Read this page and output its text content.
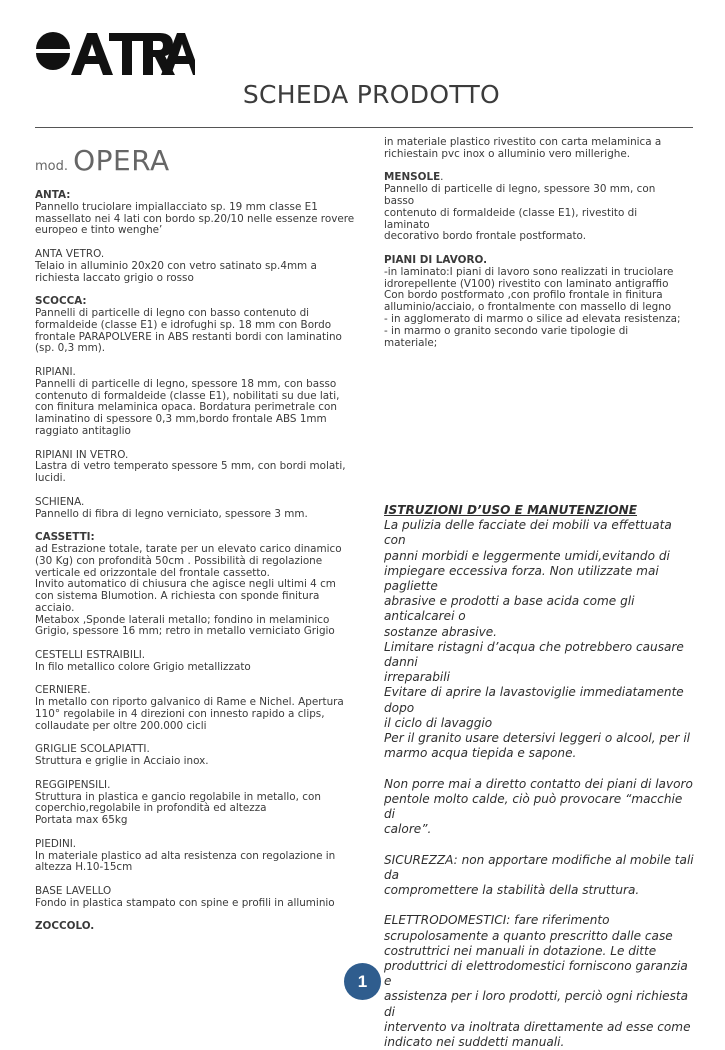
SCHEDA PRODOTTO
mod. OPERA
ANTA:
Pannello truciolare impiallacciato sp. 19 mm classe E1
massellato nei 4 lati con bordo sp.20/10 nelle essenze rovere
europeo e tinto wenghe’
ANTA VETRO.
Telaio in alluminio 20x20 con vetro satinato sp.4mm a
richiesta laccato grigio o rosso
SCOCCA:
Pannelli di particelle di legno con basso contenuto di
formaldeide (classe E1) e idrofughi sp. 18 mm con Bordo
frontale PARAPOLVERE in ABS restanti bordi con laminatino
(sp. 0,3 mm).
RIPIANI.
Pannelli di particelle di legno, spessore 18 mm, con basso
contenuto di formaldeide (classe E1), nobilitati su due lati,
con finitura melaminica opaca. Bordatura perimetrale con
laminatino di spessore 0,3 mm,bordo frontale ABS 1mm
raggiato antitaglio
RIPIANI IN VETRO.
Lastra di vetro temperato spessore 5 mm, con bordi molati,
lucidi.
SCHIENA.
Pannello di fibra di legno verniciato, spessore 3 mm.
CASSETTI:
ad Estrazione totale, tarate per un elevato carico dinamico
(30 Kg) con profondità 50cm . Possibilità di regolazione
verticale ed orizzontale del frontale cassetto.
Invito automatico di chiusura che agisce negli ultimi 4 cm
con sistema Blumotion. A richiesta con sponde finitura
acciaio.
Metabox ,Sponde laterali metallo; fondino in melaminico
Grigio, spessore 16 mm; retro in metallo verniciato Grigio
CESTELLI ESTRAIBILI.
In filo metallico colore Grigio metallizzato
CERNIERE.
In metallo con riporto galvanico di Rame e Nichel. Apertura
110° regolabile in 4 direzioni con innesto rapido a clips,
collaudate per oltre 200.000 cicli
GRIGLIE SCOLAPIATTI.
Struttura e griglie in Acciaio inox.
REGGIPENSILI.
Struttura in plastica e gancio regolabile in metallo, con
coperchio,regolabile in profondità ed altezza
Portata max 65kg
PIEDINI.
In materiale plastico ad alta resistenza con regolazione in
altezza H.10-15cm
BASE LAVELLO
Fondo in plastica stampato con spine e profili in alluminio
ZOCCOLO.
in materiale plastico rivestito con carta melaminica a
richiestain pvc inox o alluminio vero millerighe.
MENSOLE.
Pannello di particelle di legno, spessore 30 mm, con basso
contenuto di formaldeide (classe E1), rivestito di laminato
decorativo bordo frontale postformato.
PIANI DI LAVORO.
-in laminato:I piani di lavoro sono realizzati in truciolare
idrorepellente (V100) rivestito con laminato antigraffio
Con bordo postformato ,con profilo frontale in finitura
alluminio/acciaio, o frontalmente con massello di legno
- in agglomerato di marmo o silice ad elevata resistenza;
- in marmo o granito secondo varie tipologie di materiale;
ISTRUZIONI D’USO E MANUTENZIONE
La pulizia delle facciate dei mobili va effettuata con
panni morbidi e leggermente umidi,evitando di
impiegare eccessiva forza. Non utilizzate mai pagliette
abrasive e prodotti a base acida come gli anticalcarei o
sostanze abrasive.
Limitare ristagni d’acqua che potrebbero causare danni
irreparabili
Evitare di aprire la lavastoviglie immediatamente dopo
il ciclo di lavaggio
Per il granito usare detersivi leggeri o alcool, per il
marmo acqua tiepida e sapone.
Non porre mai a diretto contatto dei piani di lavoro
pentole molto calde, ciò può provocare “macchie di
calore”.
SICUREZZA: non apportare modifiche al mobile tali da
compromettere la stabilità della struttura.
ELETTRODOMESTICI: fare riferimento
scrupolosamente a quanto prescritto dalle case
costruttrici nei manuali in dotazione. Le ditte
produttrici di elettrodomestici forniscono garanzia e
assistenza per i loro prodotti, perciò ogni richiesta di
intervento va inoltrata direttamente ad esse come
indicato nei suddetti manuali.
1
